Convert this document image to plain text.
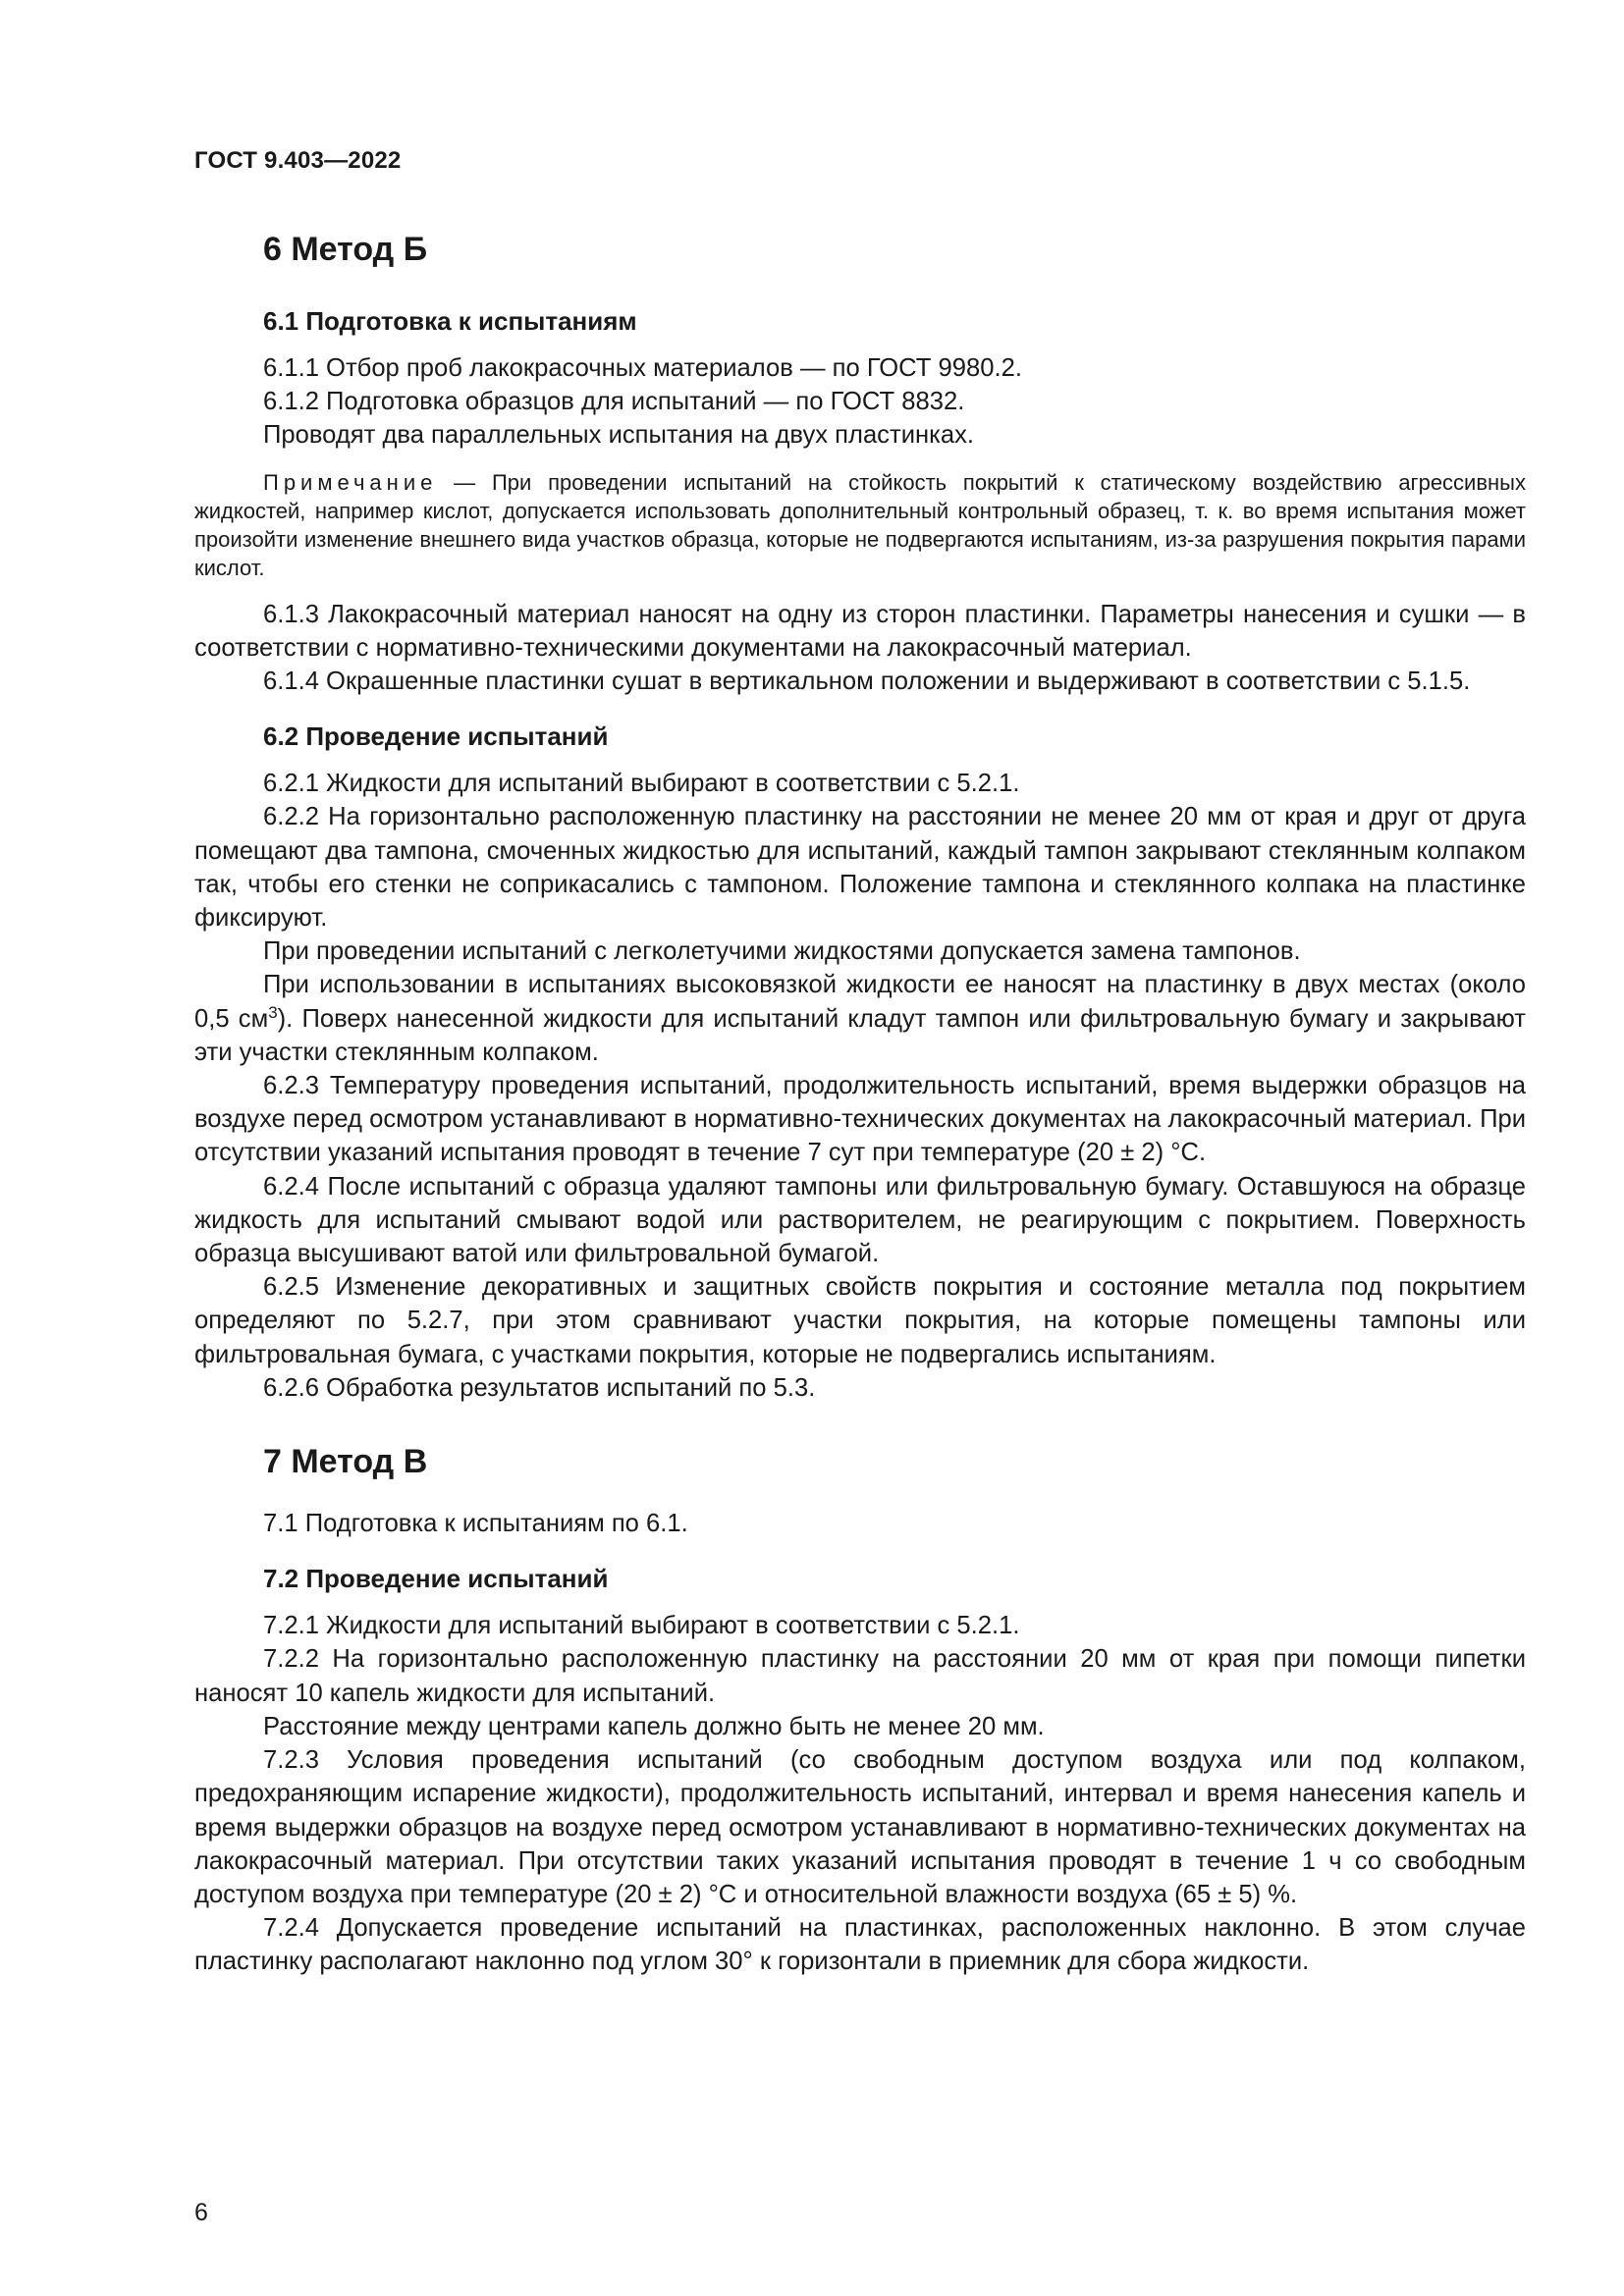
ГОСТ 9.403—2022
6 Метод Б
6.1 Подготовка к испытаниям

6.1.1 Отбор проб лакокрасочных материалов — по ГОСТ 9980.2.

6.1.2 Подготовка образцов для испытаний — по ГОСТ 8832.

Проводят два параллельных испытания на двух пластинках.

Примечание — При проведении испытаний на стойкость покрытий к статическому воздействию агрессивных жидкостей, например кислот, допускается использовать дополнительный контрольный образец, т. к. во время испытания может произойти изменение внешнего вида участков образца, которые не подвергаются испытаниям, из-за разрушения покрытия парами кислот.

6.1.3 Лакокрасочный материал наносят на одну из сторон пластинки. Параметры нанесения и сушки — в соответствии с нормативно-техническими документами на лакокрасочный материал.

6.1.4 Окрашенные пластинки сушат в вертикальном положении и выдерживают в соответствии с 5.1.5.

6.2 Проведение испытаний

6.2.1 Жидкости для испытаний выбирают в соответствии с 5.2.1.

6.2.2 На горизонтально расположенную пластинку на расстоянии не менее 20 мм от края и друг от друга помещают два тампона, смоченных жидкостью для испытаний, каждый тампон закрывают стеклянным колпаком так, чтобы его стенки не соприкасались с тампоном. Положение тампона и стеклянного колпака на пластинке фиксируют.

При проведении испытаний с легколетучими жидкостями допускается замена тампонов.

При использовании в испытаниях высоковязкой жидкости ее наносят на пластинку в двух местах (около 0,5 $см^3$). Поверх нанесенной жидкости для испытаний кладут тампон или фильтровальную бумагу и закрывают эти участки стеклянным колпаком.

6.2.3 Температуру проведения испытаний, продолжительность испытаний, время выдержки образцов на воздухе перед осмотром устанавливают в нормативно-технических документах на лакокрасочный материал. При отсутствии указаний испытания проводят в течение 7 сут при температуре (20 ± 2) °С.

6.2.4 После испытаний с образца удаляют тампоны или фильтровальную бумагу. Оставшуюся на образце жидкость для испытаний смывают водой или растворителем, не реагирующим с покрытием. Поверхность образца высушивают ватой или фильтровальной бумагой.

6.2.5 Изменение декоративных и защитных свойств покрытия и состояние металла под покрытием определяют по 5.2.7, при этом сравнивают участки покрытия, на которые помещены тампоны или фильтровальная бумага, с участками покрытия, которые не подвергались испытаниям.

6.2.6 Обработка результатов испытаний по 5.3.

7 Метод В

7.1 Подготовка к испытаниям по 6.1.

7.2 Проведение испытаний

7.2.1 Жидкости для испытаний выбирают в соответствии с 5.2.1.

7.2.2 На горизонтально расположенную пластинку на расстоянии 20 мм от края при помощи пипетки наносят 10 капель жидкости для испытаний.

Расстояние между центрами капель должно быть не менее 20 мм.

7.2.3 Условия проведения испытаний (со свободным доступом воздуха или под колпаком, предохраняющим испарение жидкости), продолжительность испытаний, интервал и время нанесения капель и время выдержки образцов на воздухе перед осмотром устанавливают в нормативно-технических документах на лакокрасочный материал. При отсутствии таких указаний испытания проводят в течение 1 ч со свободным доступом воздуха при температуре (20 ± 2) °С и относительной влажности воздуха (65 ± 5) %.

7.2.4 Допускается проведение испытаний на пластинках, расположенных наклонно. В этом случае пластинку располагают наклонно под углом 30° к горизонтали в приемник для сбора жидкости.

6
